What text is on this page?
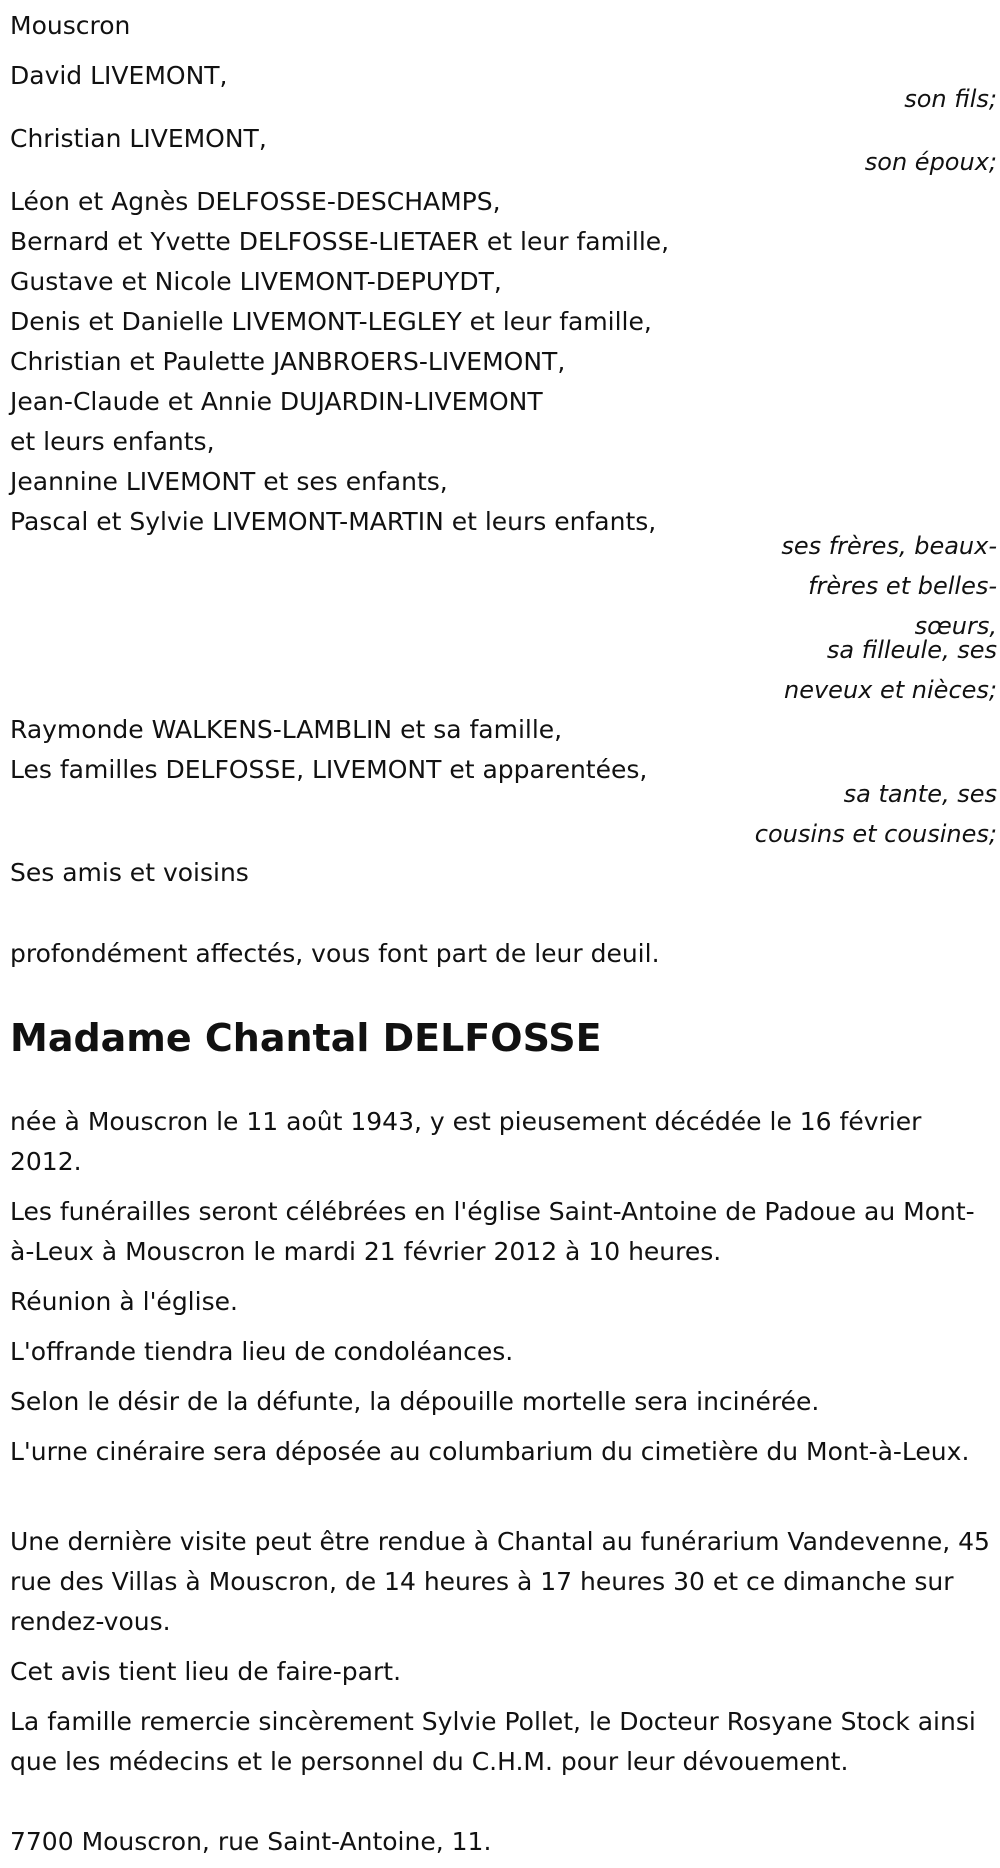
Mouscron
David LIVEMONT,
son fils;
Christian LIVEMONT,
son époux;
Léon et Agnès DELFOSSE-DESCHAMPS,
Bernard et Yvette DELFOSSE-LIETAER et leur famille,
Gustave et Nicole LIVEMONT-DEPUYDT,
Denis et Danielle LIVEMONT-LEGLEY et leur famille,
Christian et Paulette JANBROERS-LIVEMONT,
Jean-Claude et Annie DUJARDIN-LIVEMONT
et leurs enfants,
Jeannine LIVEMONT et ses enfants,
Pascal et Sylvie LIVEMONT-MARTIN et leurs enfants,
ses frères, beaux-
frères et belles-
sœurs,
sa filleule, ses
neveux et nièces;
Raymonde WALKENS-LAMBLIN et sa famille,
Les familles DELFOSSE, LIVEMONT et apparentées,
sa tante, ses
cousins et cousines;
Ses amis et voisins
profondément affectés, vous font part de leur deuil.
Madame Chantal DELFOSSE
née à Mouscron le 11 août 1943, y est pieusement décédée le 16 février 2012.
Les funérailles seront célébrées en l'église Saint-Antoine de Padoue au Mont-à-Leux à Mouscron le mardi 21 février 2012 à 10 heures.
Réunion à l'église.
L'offrande tiendra lieu de condoléances.
Selon le désir de la défunte, la dépouille mortelle sera incinérée.
L'urne cinéraire sera déposée au columbarium du cimetière du Mont-à-Leux.
Une dernière visite peut être rendue à Chantal au funérarium Vandevenne, 45 rue des Villas à Mouscron, de 14 heures à 17 heures 30 et ce dimanche sur rendez-vous.
Cet avis tient lieu de faire-part.
La famille remercie sincèrement Sylvie Pollet, le Docteur Rosyane Stock ainsi que les médecins et le personnel du C.H.M. pour leur dévouement.
7700 Mouscron, rue Saint-Antoine, 11.
